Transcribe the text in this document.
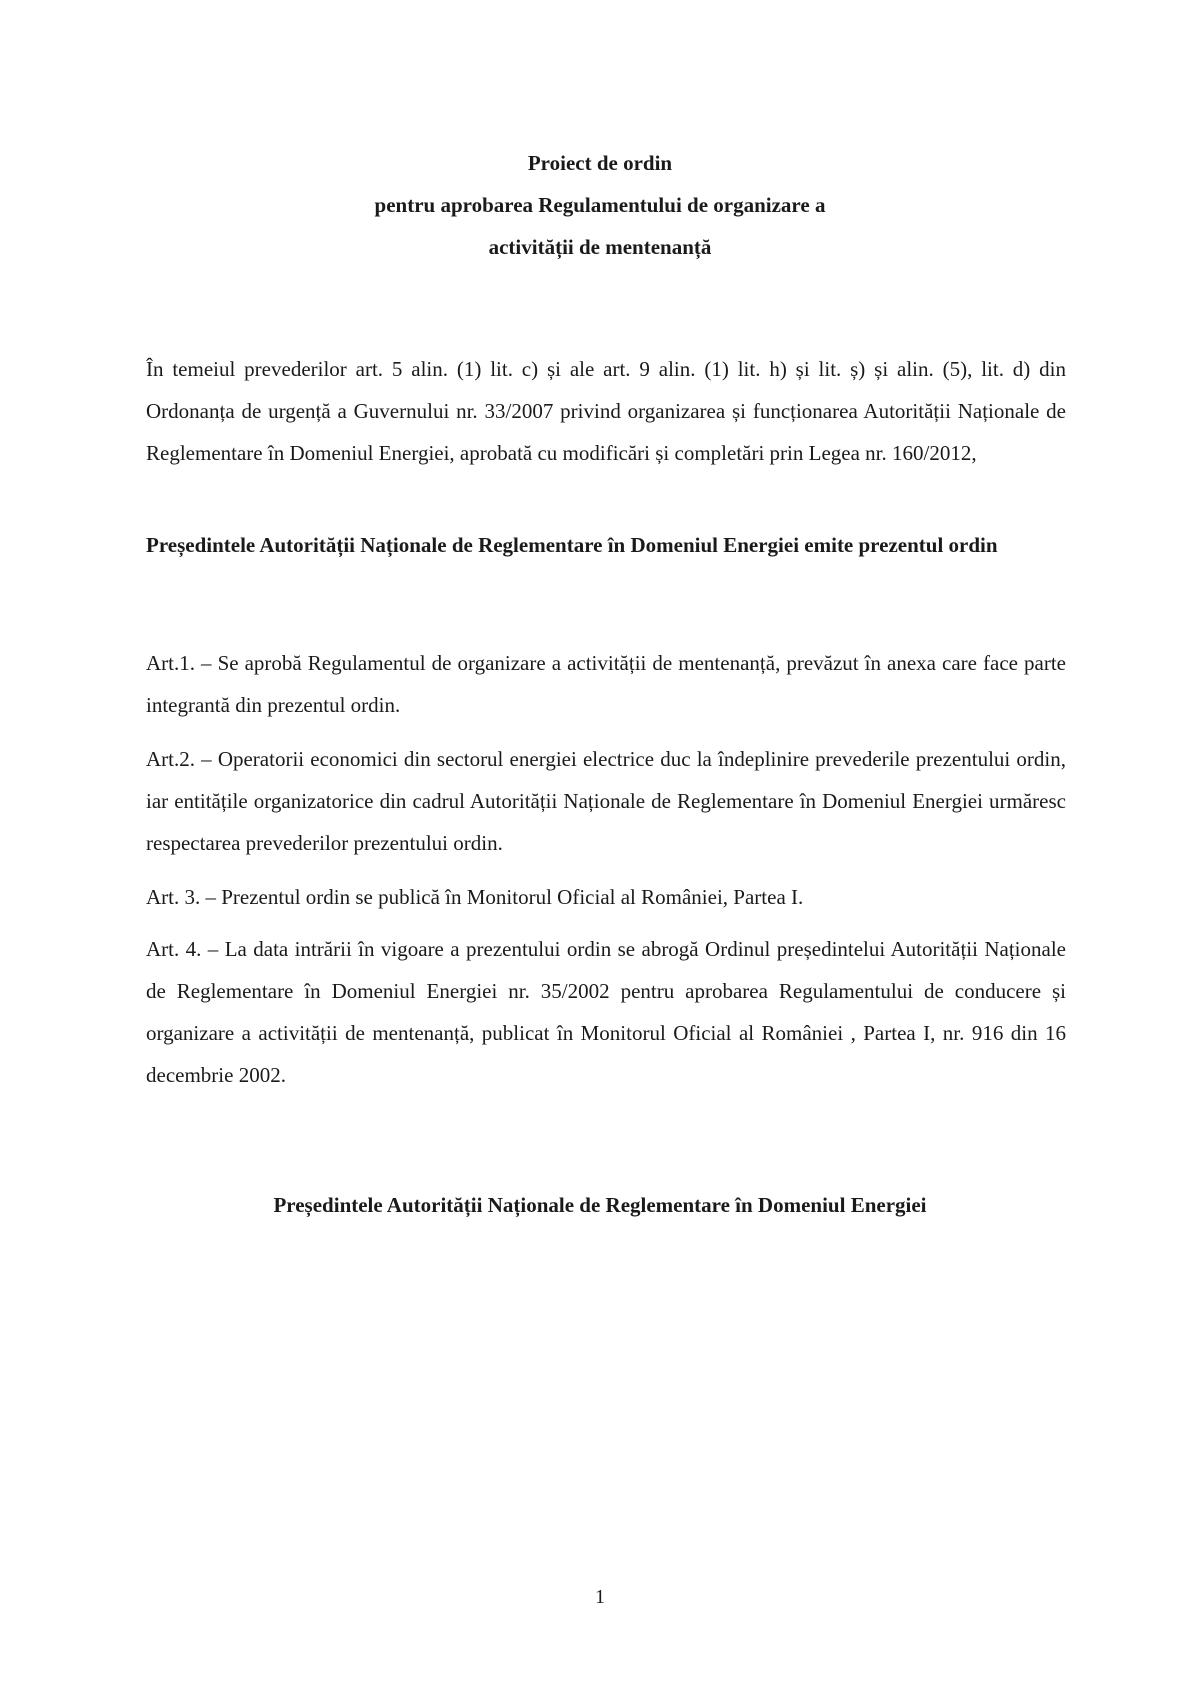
Proiect de ordin
pentru aprobarea Regulamentului de organizare a
activității de mentenanță

În temeiul prevederilor art. 5 alin. (1) lit. c) și ale art. 9 alin. (1) lit. h) și lit. ș) și alin. (5), lit. d) din Ordonanța de urgență a Guvernului nr. 33/2007 privind organizarea și funcționarea Autorității Naționale de Reglementare în Domeniul Energiei, aprobată cu modificări și completări prin Legea nr. 160/2012,

Președintele Autorității Naționale de Reglementare în Domeniul Energiei emite prezentul ordin

Art.1. – Se aprobă Regulamentul de organizare a activității de mentenanță, prevăzut în anexa care face parte integrantă din prezentul ordin.

Art.2. – Operatorii economici din sectorul energiei electrice duc la îndeplinire prevederile prezentului ordin, iar entitățile organizatorice din cadrul Autorității Naționale de Reglementare în Domeniul Energiei urmăresc respectarea prevederilor prezentului ordin.

Art. 3. – Prezentul ordin se publică în Monitorul Oficial al României, Partea I.

Art. 4. – La data intrării în vigoare a prezentului ordin se abrogă Ordinul președintelui Autorității Naționale de Reglementare în Domeniul Energiei nr. 35/2002 pentru aprobarea Regulamentului de conducere și organizare a activității de mentenanță, publicat în Monitorul Oficial al României , Partea I, nr. 916 din 16 decembrie 2002.

Președintele Autorității Naționale de Reglementare în Domeniul Energiei
1
